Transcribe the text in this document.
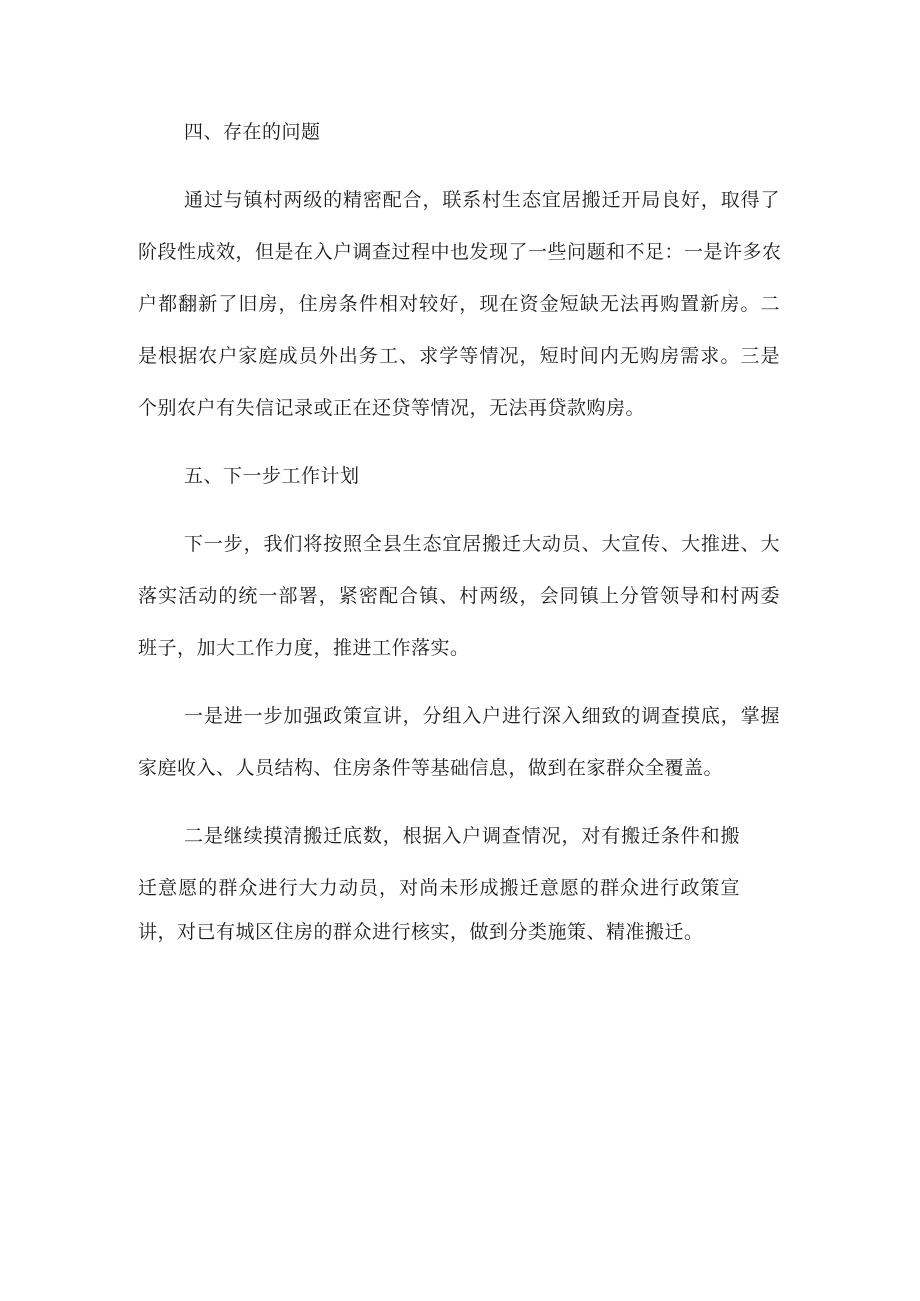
四、存在的问题
通过与镇村两级的精密配合，联系村生态宜居搬迁开局良好，取得了
阶段性成效，但是在入户调查过程中也发现了一些问题和不足：一是许多农
户都翻新了旧房，住房条件相对较好，现在资金短缺无法再购置新房。二
是根据农户家庭成员外出务工、求学等情况，短时间内无购房需求。三是
个别农户有失信记录或正在还贷等情况，无法再贷款购房。
五、下一步工作计划
下一步，我们将按照全县生态宜居搬迁大动员、大宣传、大推进、大
落实活动的统一部署，紧密配合镇、村两级，会同镇上分管领导和村两委
班子，加大工作力度，推进工作落实。
一是进一步加强政策宣讲，分组入户进行深入细致的调查摸底，掌握
家庭收入、人员结构、住房条件等基础信息，做到在家群众全覆盖。
二是继续摸清搬迁底数，根据入户调查情况，对有搬迁条件和搬
迁意愿的群众进行大力动员，对尚未形成搬迁意愿的群众进行政策宣
讲，对已有城区住房的群众进行核实，做到分类施策、精准搬迁。
